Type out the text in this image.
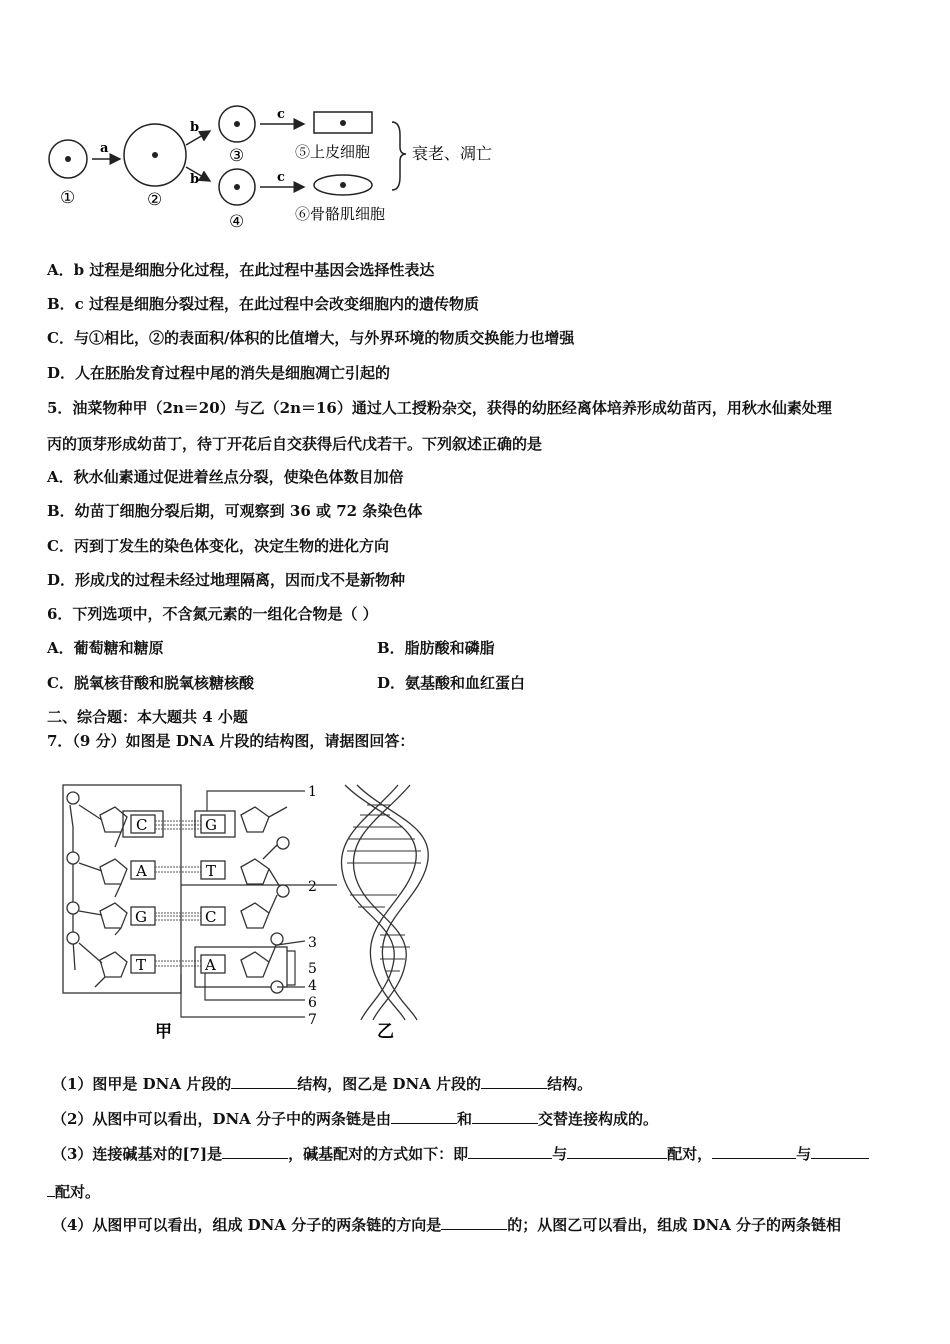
①
a
②
b
b
③
④
c
c
⑤上皮细胞
⑥骨骼肌细胞
衰老、凋亡
A．b 过程是细胞分化过程，在此过程中基因会选择性表达
B．c 过程是细胞分裂过程，在此过程中会改变细胞内的遗传物质
C．与①相比，②的表面积/体积的比值增大，与外界环境的物质交换能力也增强
D．人在胚胎发育过程中尾的消失是细胞凋亡引起的
5．油菜物种甲（2n＝20）与乙（2n＝16）通过人工授粉杂交，获得的幼胚经离体培养形成幼苗丙，用秋水仙素处理
丙的顶芽形成幼苗丁，待丁开花后自交获得后代戊若干。下列叙述正确的是
A．秋水仙素通过促进着丝点分裂，使染色体数目加倍
B．幼苗丁细胞分裂后期，可观察到 36 或 72 条染色体
C．丙到丁发生的染色体变化，决定生物的进化方向
D．形成戊的过程未经过地理隔离，因而戊不是新物种
6．下列选项中，不含氮元素的一组化合物是（ ）
A．葡萄糖和糖原	B．脂肪酸和磷脂
C．脱氧核苷酸和脱氧核糖核酸	D．氨基酸和血红蛋白
二、综合题：本大题共 4 小题
7．（9 分）如图是 DNA 片段的结构图，请据图回答：
C
A
G
T
G
T
C
A
1
2
3
5
4
6
7
甲	乙
（1）图甲是 DNA 片段的	结构，图乙是 DNA 片段的	结构。
（2）从图中可以看出，DNA 分子中的两条链是由	和	交替连接构成的。
（3）连接碱基对的[7]是	，碱基配对的方式如下：即	与	配对，	与
配对。
（4）从图甲可以看出，组成 DNA 分子的两条链的方向是	的；从图乙可以看出，组成 DNA 分子的两条链相
